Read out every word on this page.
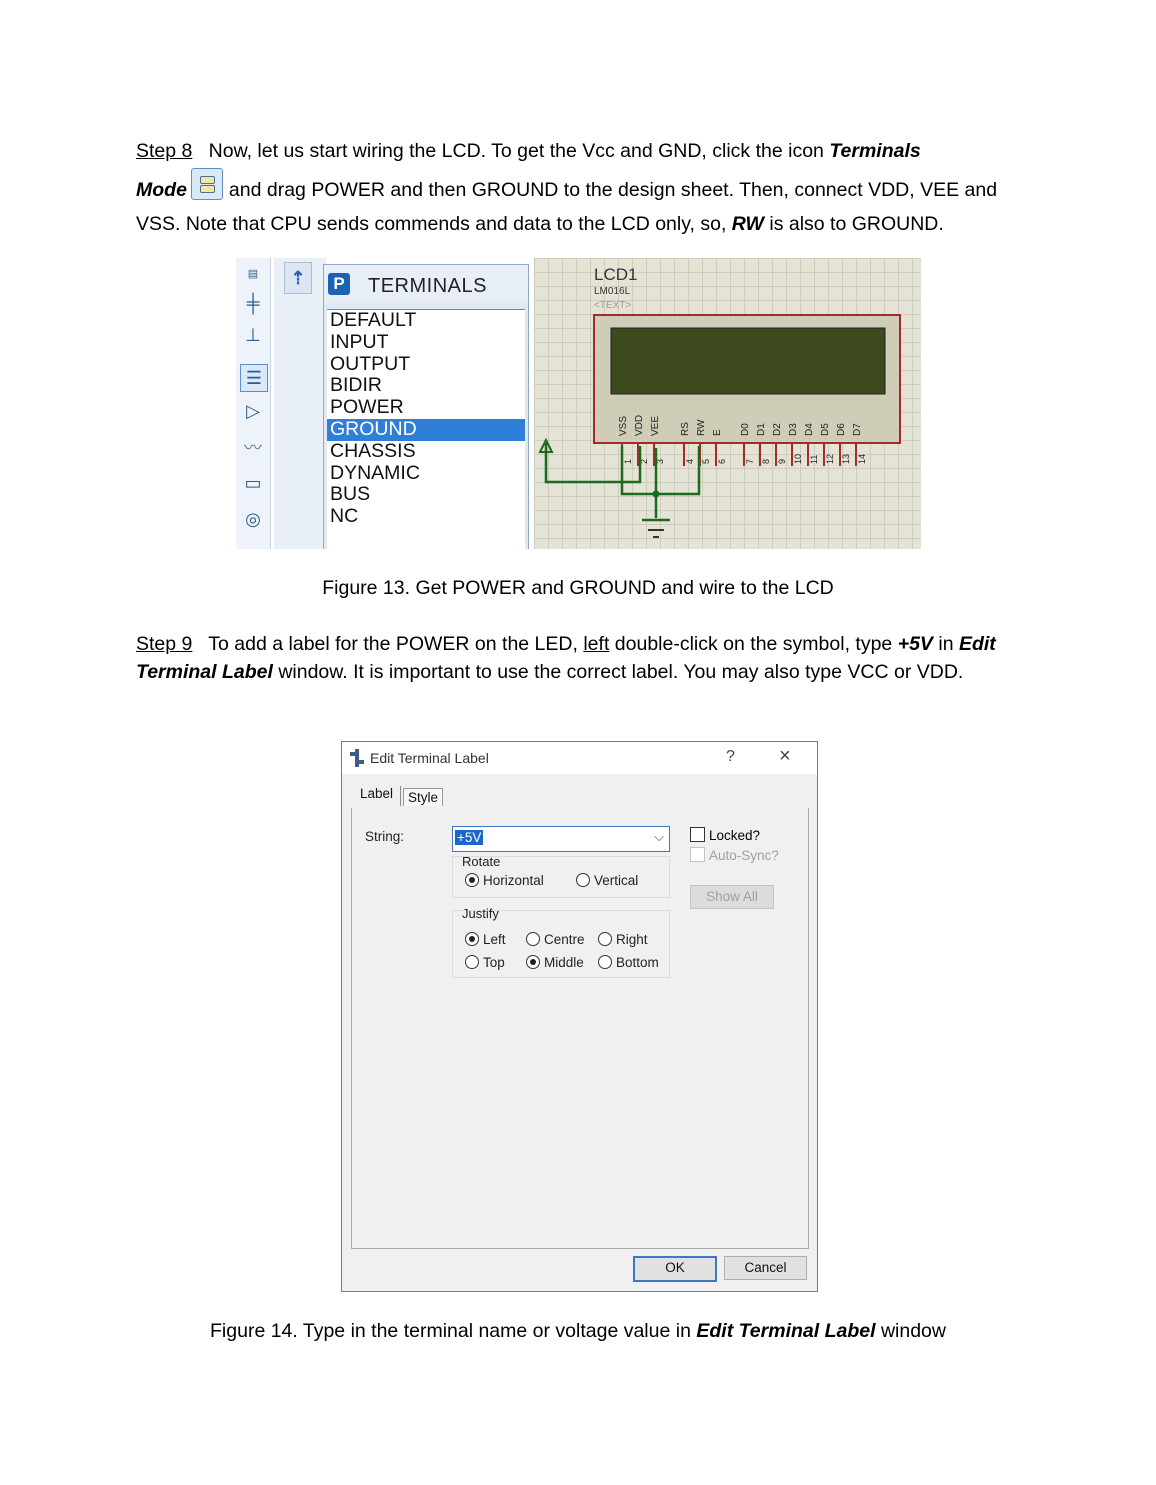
Step 8 Now, let us start wiring the LCD. To get the Vcc and GND, click the icon Terminals
Mode and drag POWER and then GROUND to the design sheet. Then, connect VDD, VEE and VSS. Note that CPU sends commends and data to the LCD only, so, RW is also to GROUND.
▤
╪
⊥
☰
▷
〰
▭
◎
⇡	P TERMINALS
DEFAULT
INPUT
OUTPUT
BIDIR
POWER
GROUND
CHASSIS
DYNAMIC
BUS
NC
LCD1
LM016L
<TEXT>
VSS
1
VDD
2
VEE
3
RS
4
RW
5
E
6
D0
7
D1
8
D2
9
D3
10
D4
11
D5
12
D6
13
D7
14
Figure 13. Get POWER and GROUND and wire to the LCD
Step 9 To add a label for the POWER on the LED, left double-click on the symbol, type +5V in Edit Terminal Label window. It is important to use the correct label. You may also type VCC or VDD.
Edit Terminal Label	? ×
Label	Style
String:	+5V	⌵
Rotate
Horizontal	Vertical
Justify
Left	Centre	Right
Top	Middle	Bottom
Locked?
Auto-Sync?
Show All
OK	Cancel
Figure 14. Type in the terminal name or voltage value in Edit Terminal Label window
